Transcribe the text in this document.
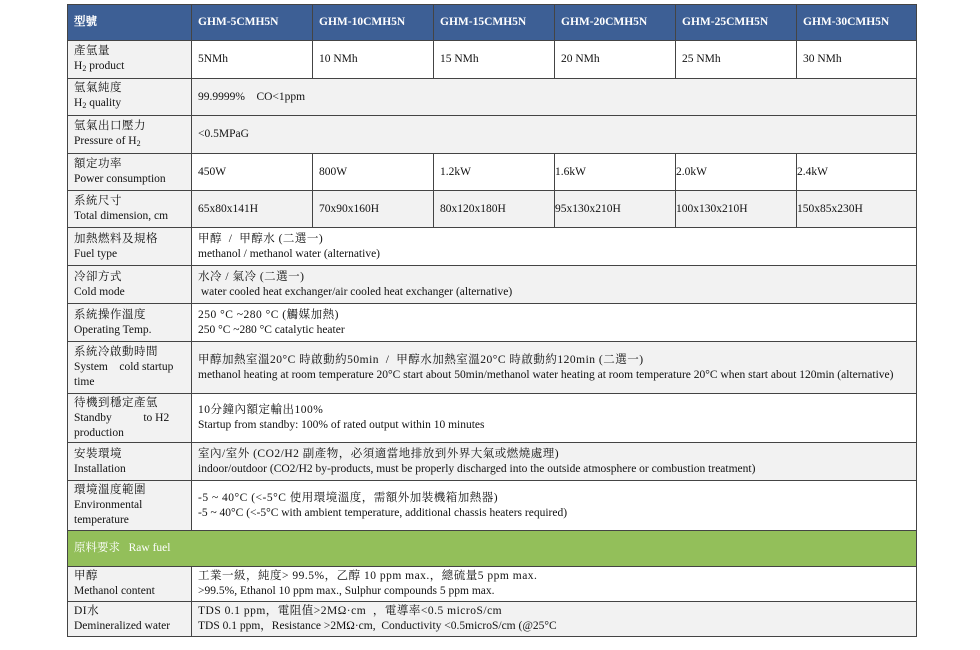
型號	GHM-5CMH5N	GHM-10CMH5N	GHM-15CMH5N	GHM-20CMH5N	GHM-25CMH5N	GHM-30CMH5N

產氫量
$H_2$ product	5NMh	10 NMh	15 NMh	20 NMh	25 NMh	30 NMh

氫氣純度
$H_2$ quality	99.9999%    CO<1ppm					

氫氣出口壓力
Pressure of $H_2$	<0.5MPaG					

額定功率
Power consumption	450W	800W	1.2kW	1.6kW	2.0kW	2.4kW

系統尺寸
Total dimension, cm	65x80x141H	70x90x160H	80x120x180H	95x130x210H	100x130x210H	150x85x230H

加熱燃料及規格
Fuel type	甲醇  /  甲醇水 (二選一)
methanol / methanol water (alternative)					

冷卻方式
Cold mode	水冷 / 氣冷 (二選一)
water cooled heat exchanger/air cooled heat exchanger (alternative)					

系統操作溫度
Operating Temp.	250 °C ~280 °C (觸媒加熱)
250 °C ~280 °C catalytic heater					

系統冷啟動時間
System    cold startup time	甲醇加熱室溫20°C 時啟動約50min  /  甲醇水加熱室溫20°C 時啟動約120min (二選一)
methanol heating at room temperature 20°C start about 50min/methanol water heating at room temperature 20°C when start about 120min (alternative)					

待機到穩定產氫
Standby           to H2 production	10分鐘內額定輸出100%
Startup from standby: 100% of rated output within 10 minutes					

安裝環境
Installation	室內/室外 (CO2/H2 副產物，必須適當地排放到外界大氣或燃燒處理)
indoor/outdoor (CO2/H2 by-products, must be properly discharged into the outside atmosphere or combustion treatment)					

環境溫度範圍
Environmental temperature	-5 ~ 40°C (<-5°C 使用環境溫度，需額外加裝機箱加熱器)
-5 ~ 40°C (<-5°C with ambient temperature, additional chassis heaters required)					

原料要求 Raw fuel						

甲醇
Methanol content	工業一級，純度> 99.5%，乙醇 10 ppm max.，總硫量5 ppm max.
>99.5%, Ethanol 10 ppm max., Sulphur compounds 5 ppm max.					

DI水
Demineralized water	TDS 0.1 ppm，電阻值>2MΩ·cm  ，電導率<0.5 microS/cm
TDS 0.1 ppm，Resistance >2MΩ·cm,  Conductivity <0.5microS/cm (@25°C					
